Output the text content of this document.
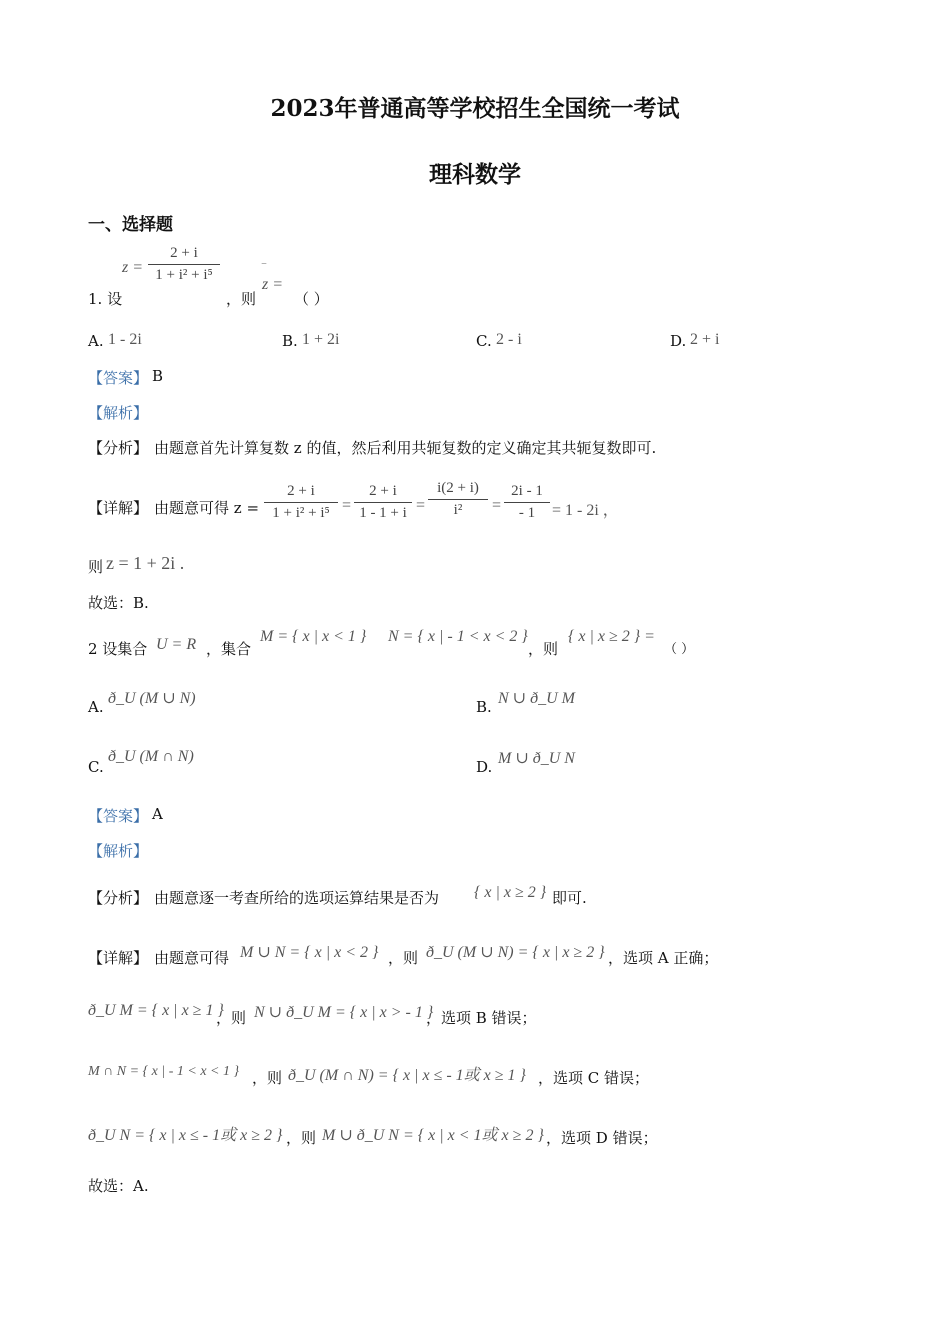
2023年普通高等学校招生全国统一考试
理科数学
一、选择题
z =
2 + i
1 + i² + i⁵
1. 设	，则
z =
‾
（ ）
A. 1 - 2i	B. 1 + 2i	C. 2 - i	D. 2 + i
【答案】 B
【解析】
【分析】 由题意首先计算复数 z 的值，然后利用共轭复数的定义确定其共轭复数即可.
【详解】 由题意可得 z =
2 + i
1 + i² + i⁵ =
2 + i
1 - 1 + i =
i(2 + i)
i²	=
2i - 1
- 1	= 1 - 2i ，
则 z = 1 + 2i .
故选：B.
2 设集合 U = R ，集合
M = { x | x < 1 } N = { x | - 1 < x < 2 }
，则
{ x | x ≥ 2 } =
（ ）
A. ð_U (M ∪ N)	B. N ∪ ð_U M
C.
ð_U (M ∩ N)
D. M ∪ ð_U N
【答案】 A
【解析】
【分析】 由题意逐一考查所给的选项运算结果是否为 { x | x ≥ 2 } 即可.
【详解】 由题意可得 M ∪ N = { x | x < 2 } ，则 ð_U (M ∪ N) = { x | x ≥ 2 } ，选项 A 正确；
ð_U M = { x | x ≥ 1 }
，则 N ∪ ð_U M = { x | x > - 1 }
，选项 B 错误；
M ∩ N = { x | - 1 < x < 1 } ，则 ð_U (M ∩ N) = { x | x ≤ - 1或 x ≥ 1 } ，选项 C 错误；
ð_U N = { x | x ≤ - 1或 x ≥ 2 } ，则 M ∪ ð_U N = { x | x < 1或 x ≥ 2 } ，选项 D 错误；
故选：A.
